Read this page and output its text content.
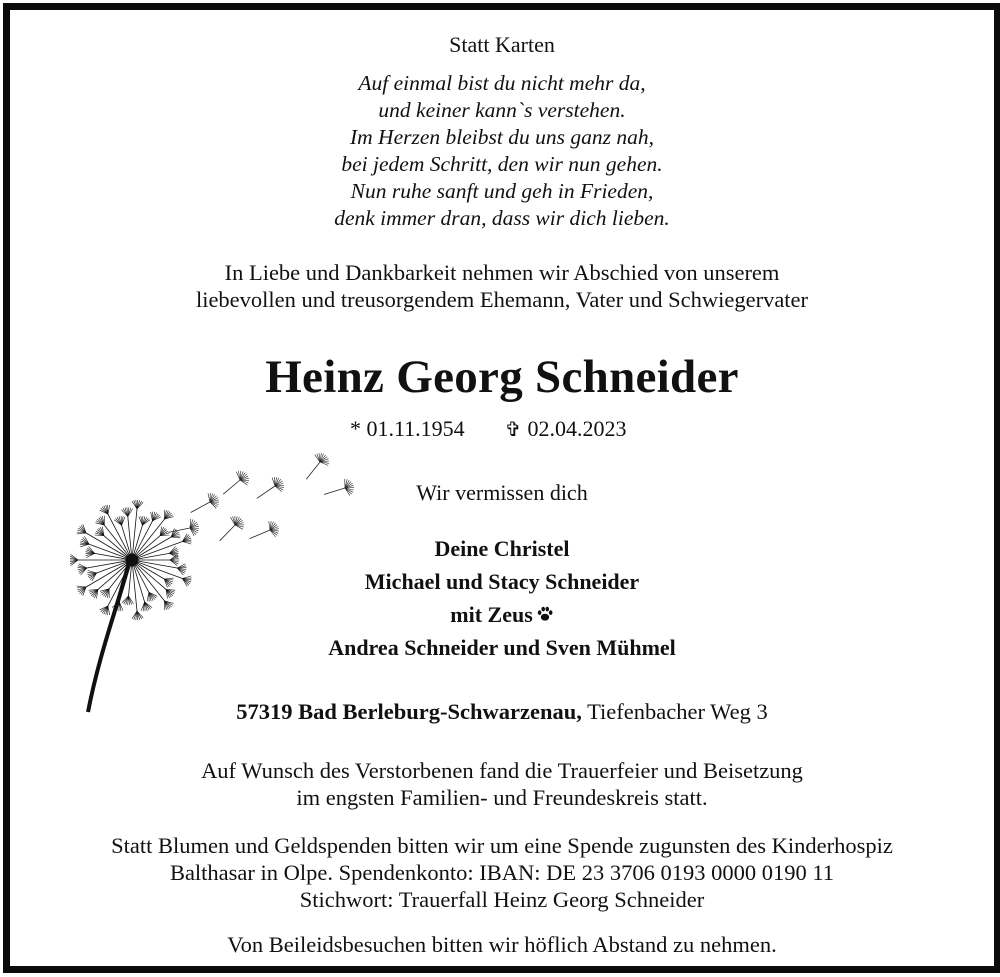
Statt Karten
Auf einmal bist du nicht mehr da,
und keiner kann`s verstehen.
Im Herzen bleibst du uns ganz nah,
bei jedem Schritt, den wir nun gehen.
Nun ruhe sanft und geh in Frieden,
denk immer dran, dass wir dich lieben.
In Liebe und Dankbarkeit nehmen wir Abschied von unserem
liebevollen und treusorgendem Ehemann, Vater und Schwiegervater
Heinz Georg Schneider
* 01.11.1954 ✞ 02.04.2023
Wir vermissen dich
Deine Christel
Michael und Stacy Schneider
mit Zeus
Andrea Schneider und Sven Mühmel
57319 Bad Berleburg-Schwarzenau, Tiefenbacher Weg 3
Auf Wunsch des Verstorbenen fand die Trauerfeier und Beisetzung
im engsten Familien- und Freundeskreis statt.
Statt Blumen und Geldspenden bitten wir um eine Spende zugunsten des Kinderhospiz
Balthasar in Olpe. Spendenkonto: IBAN: DE 23 3706 0193 0000 0190 11
Stichwort: Trauerfall Heinz Georg Schneider
Von Beileidsbesuchen bitten wir höflich Abstand zu nehmen.
